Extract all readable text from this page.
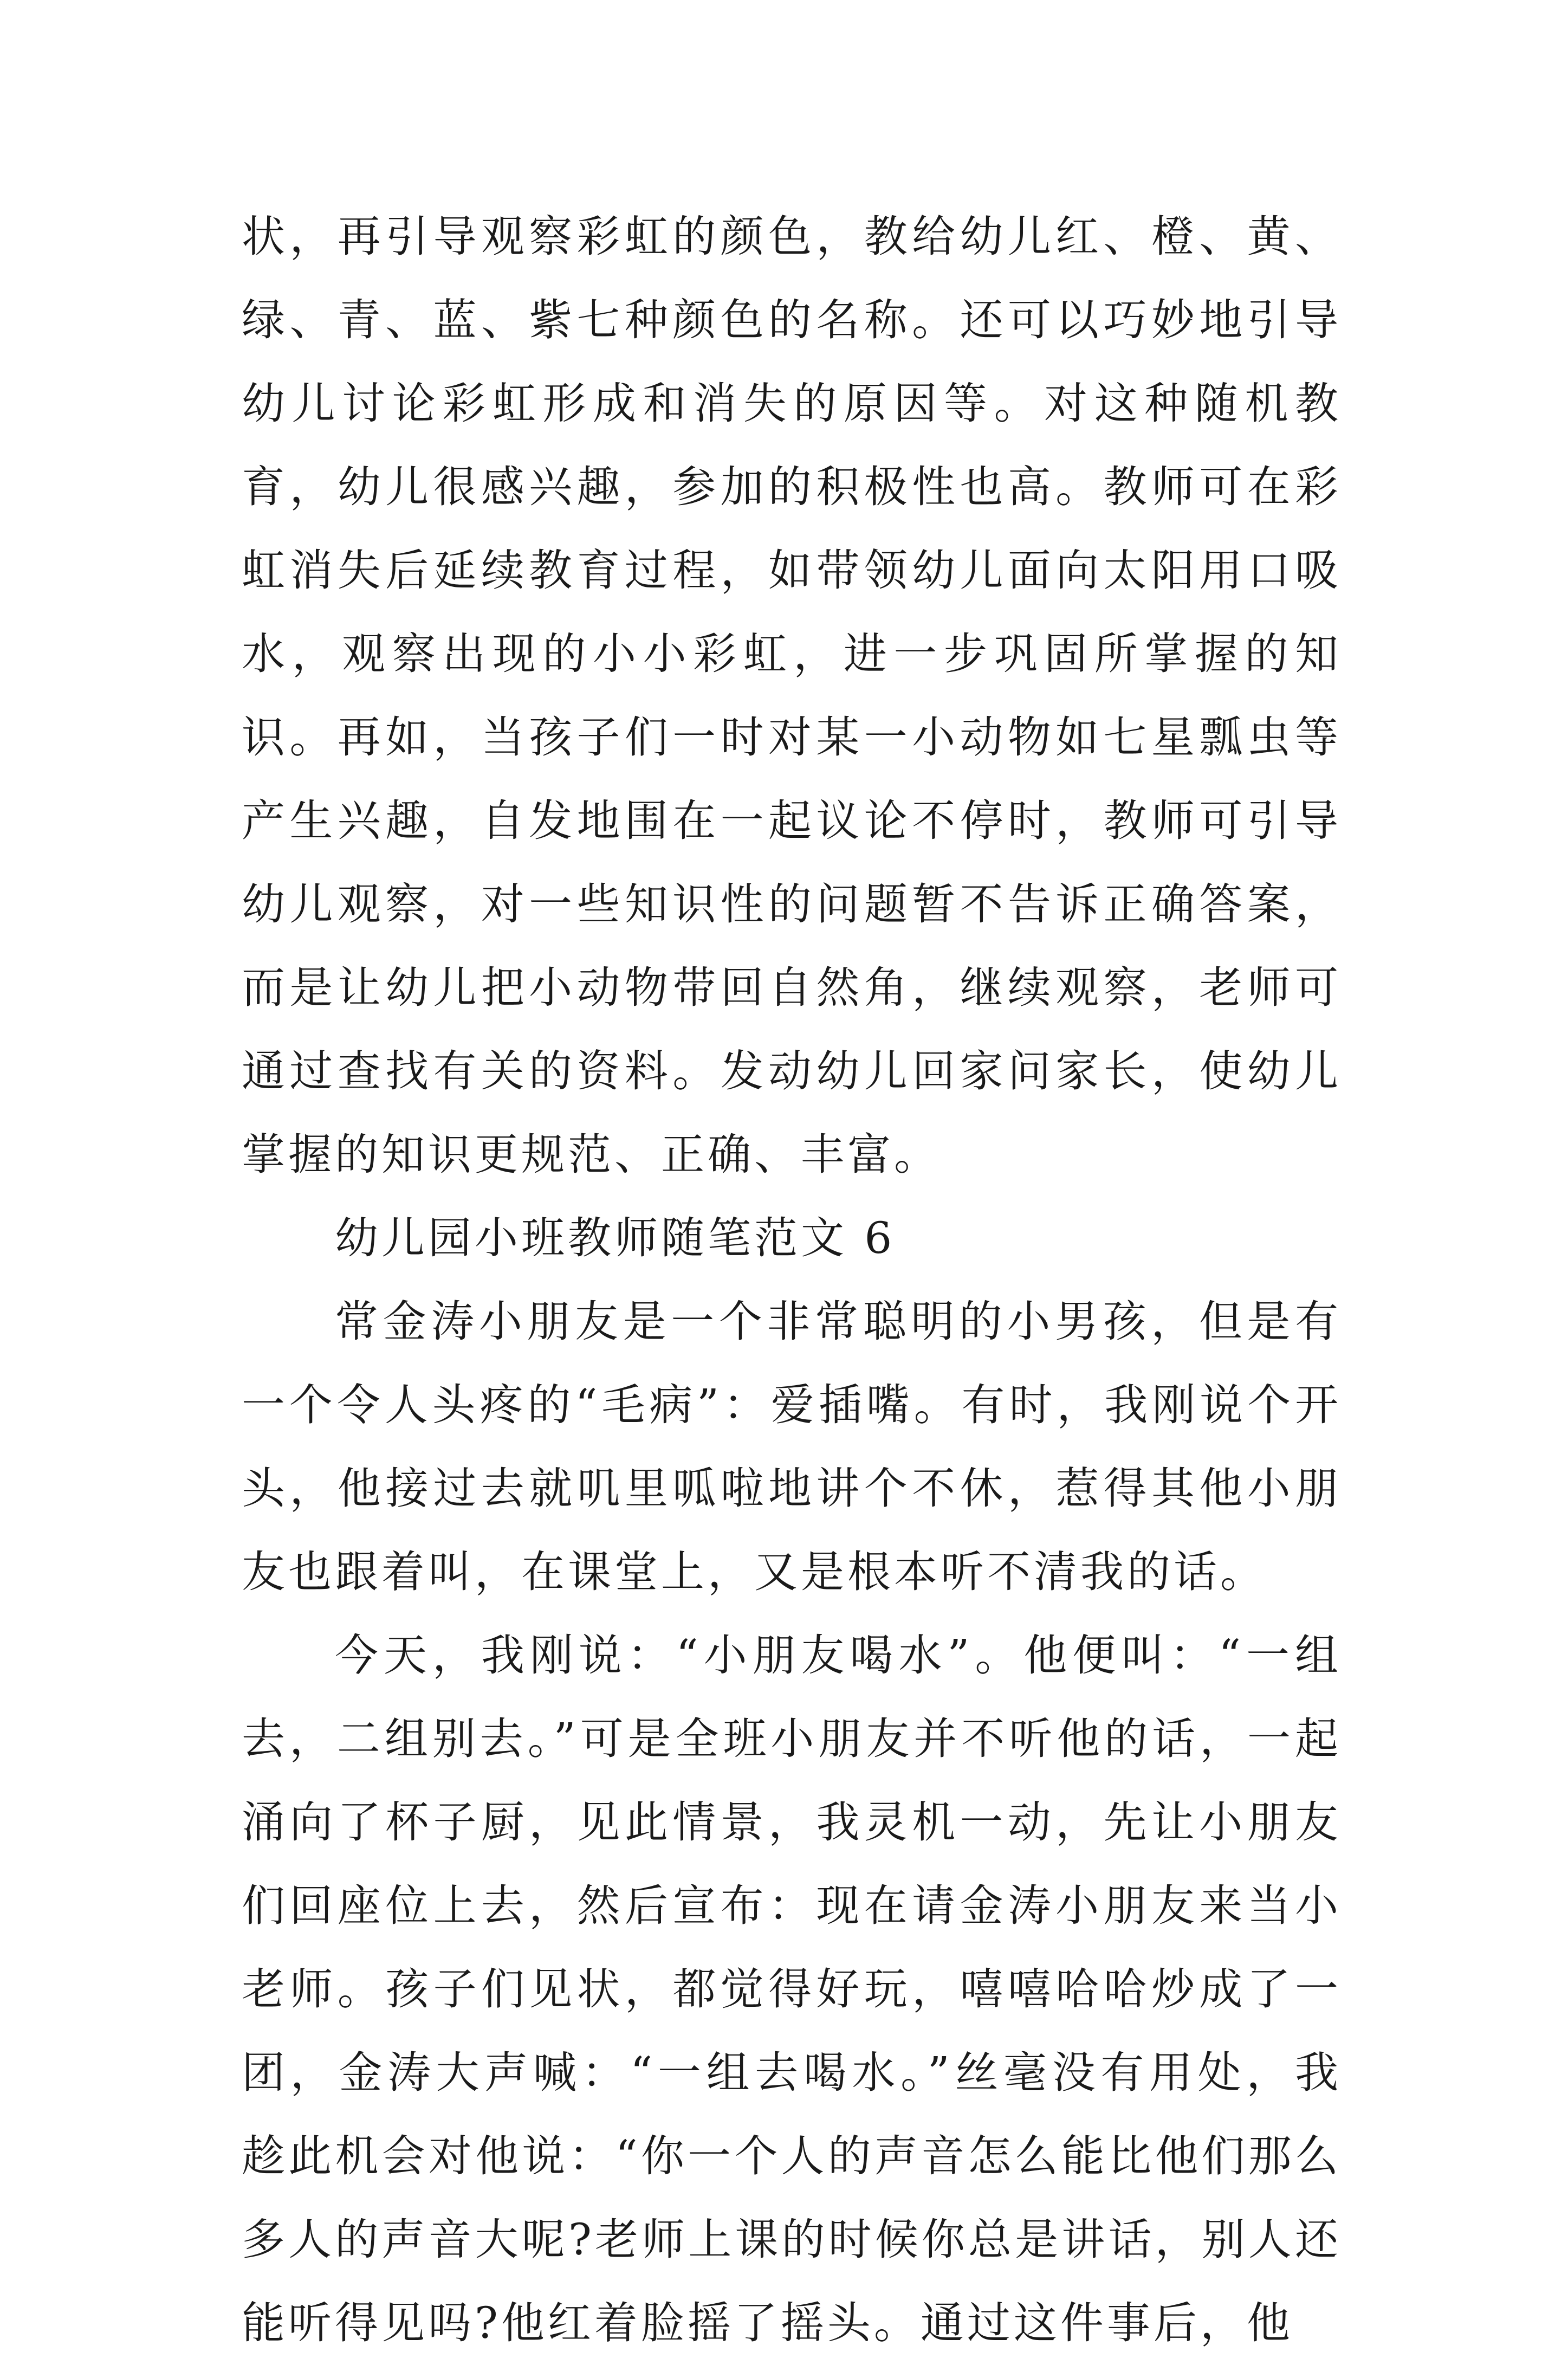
状，再引导观察彩虹的颜色，教给幼儿红、橙、黄、绿、青、蓝、紫七种颜色的名称。还可以巧妙地引导幼儿讨论彩虹形成和消失的原因等。对这种随机教育，幼儿很感兴趣，参加的积极性也高。教师可在彩虹消失后延续教育过程，如带领幼儿面向太阳用口吸水，观察出现的小小彩虹，进一步巩固所掌握的知识。再如，当孩子们一时对某一小动物如七星瓢虫等产生兴趣，自发地围在一起议论不停时，教师可引导幼儿观察，对一些知识性的问题暂不告诉正确答案，而是让幼儿把小动物带回自然角，继续观察，老师可通过查找有关的资料。发动幼儿回家问家长，使幼儿掌握的知识更规范、正确、丰富。

幼儿园小班教师随笔范文 6

常金涛小朋友是一个非常聪明的小男孩，但是有一个令人头疼的“毛病”：爱插嘴。有时，我刚说个开头，他接过去就叽里呱啦地讲个不休，惹得其他小朋友也跟着叫，在课堂上，又是根本听不清我的话。

今天，我刚说：“小朋友喝水”。他便叫：“一组去，二组别去。”可是全班小朋友并不听他的话，一起涌向了杯子厨，见此情景，我灵机一动，先让小朋友们回座位上去，然后宣布：现在请金涛小朋友来当小老师。孩子们见状，都觉得好玩，嘻嘻哈哈炒成了一团，金涛大声喊：“一组去喝水。”丝毫没有用处，我趁此机会对他说：“你一个人的声音怎么能比他们那么多人的声音大呢?老师上课的时候你总是讲话，别人还能听得见吗?他红着脸摇了摇头。通过这件事后，他
